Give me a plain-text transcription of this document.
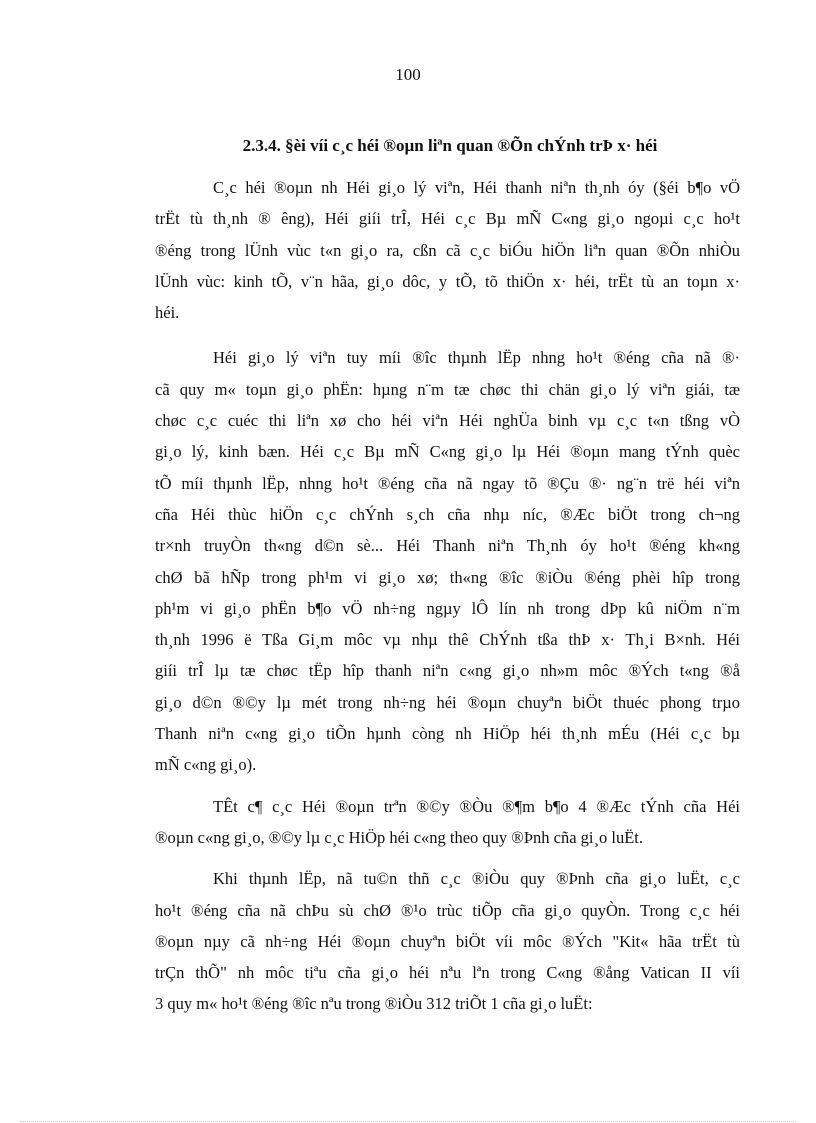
100
2.3.4. §èi víi c¸c héi ®oµn liªn quan ®Õn chÝnh trÞ x· héi
C¸c héi ®oµn nh Héi gi¸o lý viªn, Héi thanh niªn th¸nh óy (§éi b¶o vÖ
trËt tù th¸nh ® êng), Héi giíi trÎ, Héi c¸c Bµ mÑ C«ng gi¸o ngoµi c¸c ho¹t
®éng trong lÜnh vùc t«n gi¸o ra, cßn cã c¸c biÓu hiÖn liªn quan ®Õn nhiÒu
lÜnh vùc: kinh tÕ, v¨n hãa, gi¸o dôc, y tÕ, tõ thiÖn x· héi, trËt tù an toµn x·
héi.
Héi gi¸o lý viªn tuy míi ®îc thµnh lËp nhng ho¹t ®éng cña nã ®·
cã quy m« toµn gi¸o phËn: hµng n¨m tæ chøc thi chän gi¸o lý viªn giái, tæ
chøc c¸c cuéc thi liªn xø cho héi viªn Héi nghÜa binh vµ c¸c t«n tßng vÒ
gi¸o lý, kinh bæn. Héi c¸c Bµ mÑ C«ng gi¸o lµ Héi ®oµn mang tÝnh quèc
tÕ míi thµnh lËp, nhng ho¹t ®éng cña nã ngay tõ ®Çu ®· ng¨n trë héi viªn
cña Héi thùc hiÖn c¸c chÝnh s¸ch cña nhµ níc, ®Æc biÖt trong ch¬ng
tr×nh truyÒn th«ng d©n sè... Héi Thanh niªn Th¸nh óy ho¹t ®éng kh«ng
chØ bã hÑp trong ph¹m vi gi¸o xø; th«ng ®îc ®iÒu ®éng phèi hîp trong
ph¹m vi gi¸o phËn b¶o vÖ nh÷ng ngµy lÔ lín nh trong dÞp kû niÖm n¨m
th¸nh 1996 ë Tßa Gi¸m môc vµ nhµ thê ChÝnh tßa thÞ x· Th¸i B×nh. Héi
giíi trÎ lµ tæ chøc tËp hîp thanh niªn c«ng gi¸o nh»m môc ®Ých t«ng ®å
gi¸o d©n ®©y lµ mét trong nh÷ng héi ®oµn chuyªn biÖt thuéc phong trµo
Thanh niªn c«ng gi¸o tiÕn hµnh còng nh HiÖp héi th¸nh mÉu (Héi c¸c bµ
mÑ c«ng gi¸o).
TÊt c¶ c¸c Héi ®oµn trªn ®©y ®Òu ®¶m b¶o 4 ®Æc tÝnh cña Héi
®oµn c«ng gi¸o, ®©y lµ c¸c HiÖp héi c«ng theo quy ®Þnh cña gi¸o luËt.
Khi thµnh lËp, nã tu©n thñ c¸c ®iÒu quy ®Þnh cña gi¸o luËt, c¸c
ho¹t ®éng cña nã chÞu sù chØ ®¹o trùc tiÕp cña gi¸o quyÒn. Trong c¸c héi
®oµn nµy cã nh÷ng Héi ®oµn chuyªn biÖt víi môc ®Ých "Kit« hãa trËt tù
trÇn thÕ" nh môc tiªu cña gi¸o héi nªu lªn trong C«ng ®ång Vatican II víi
3 quy m« ho¹t ®éng ®îc nªu trong ®iÒu 312 triÕt 1 cña gi¸o luËt:
